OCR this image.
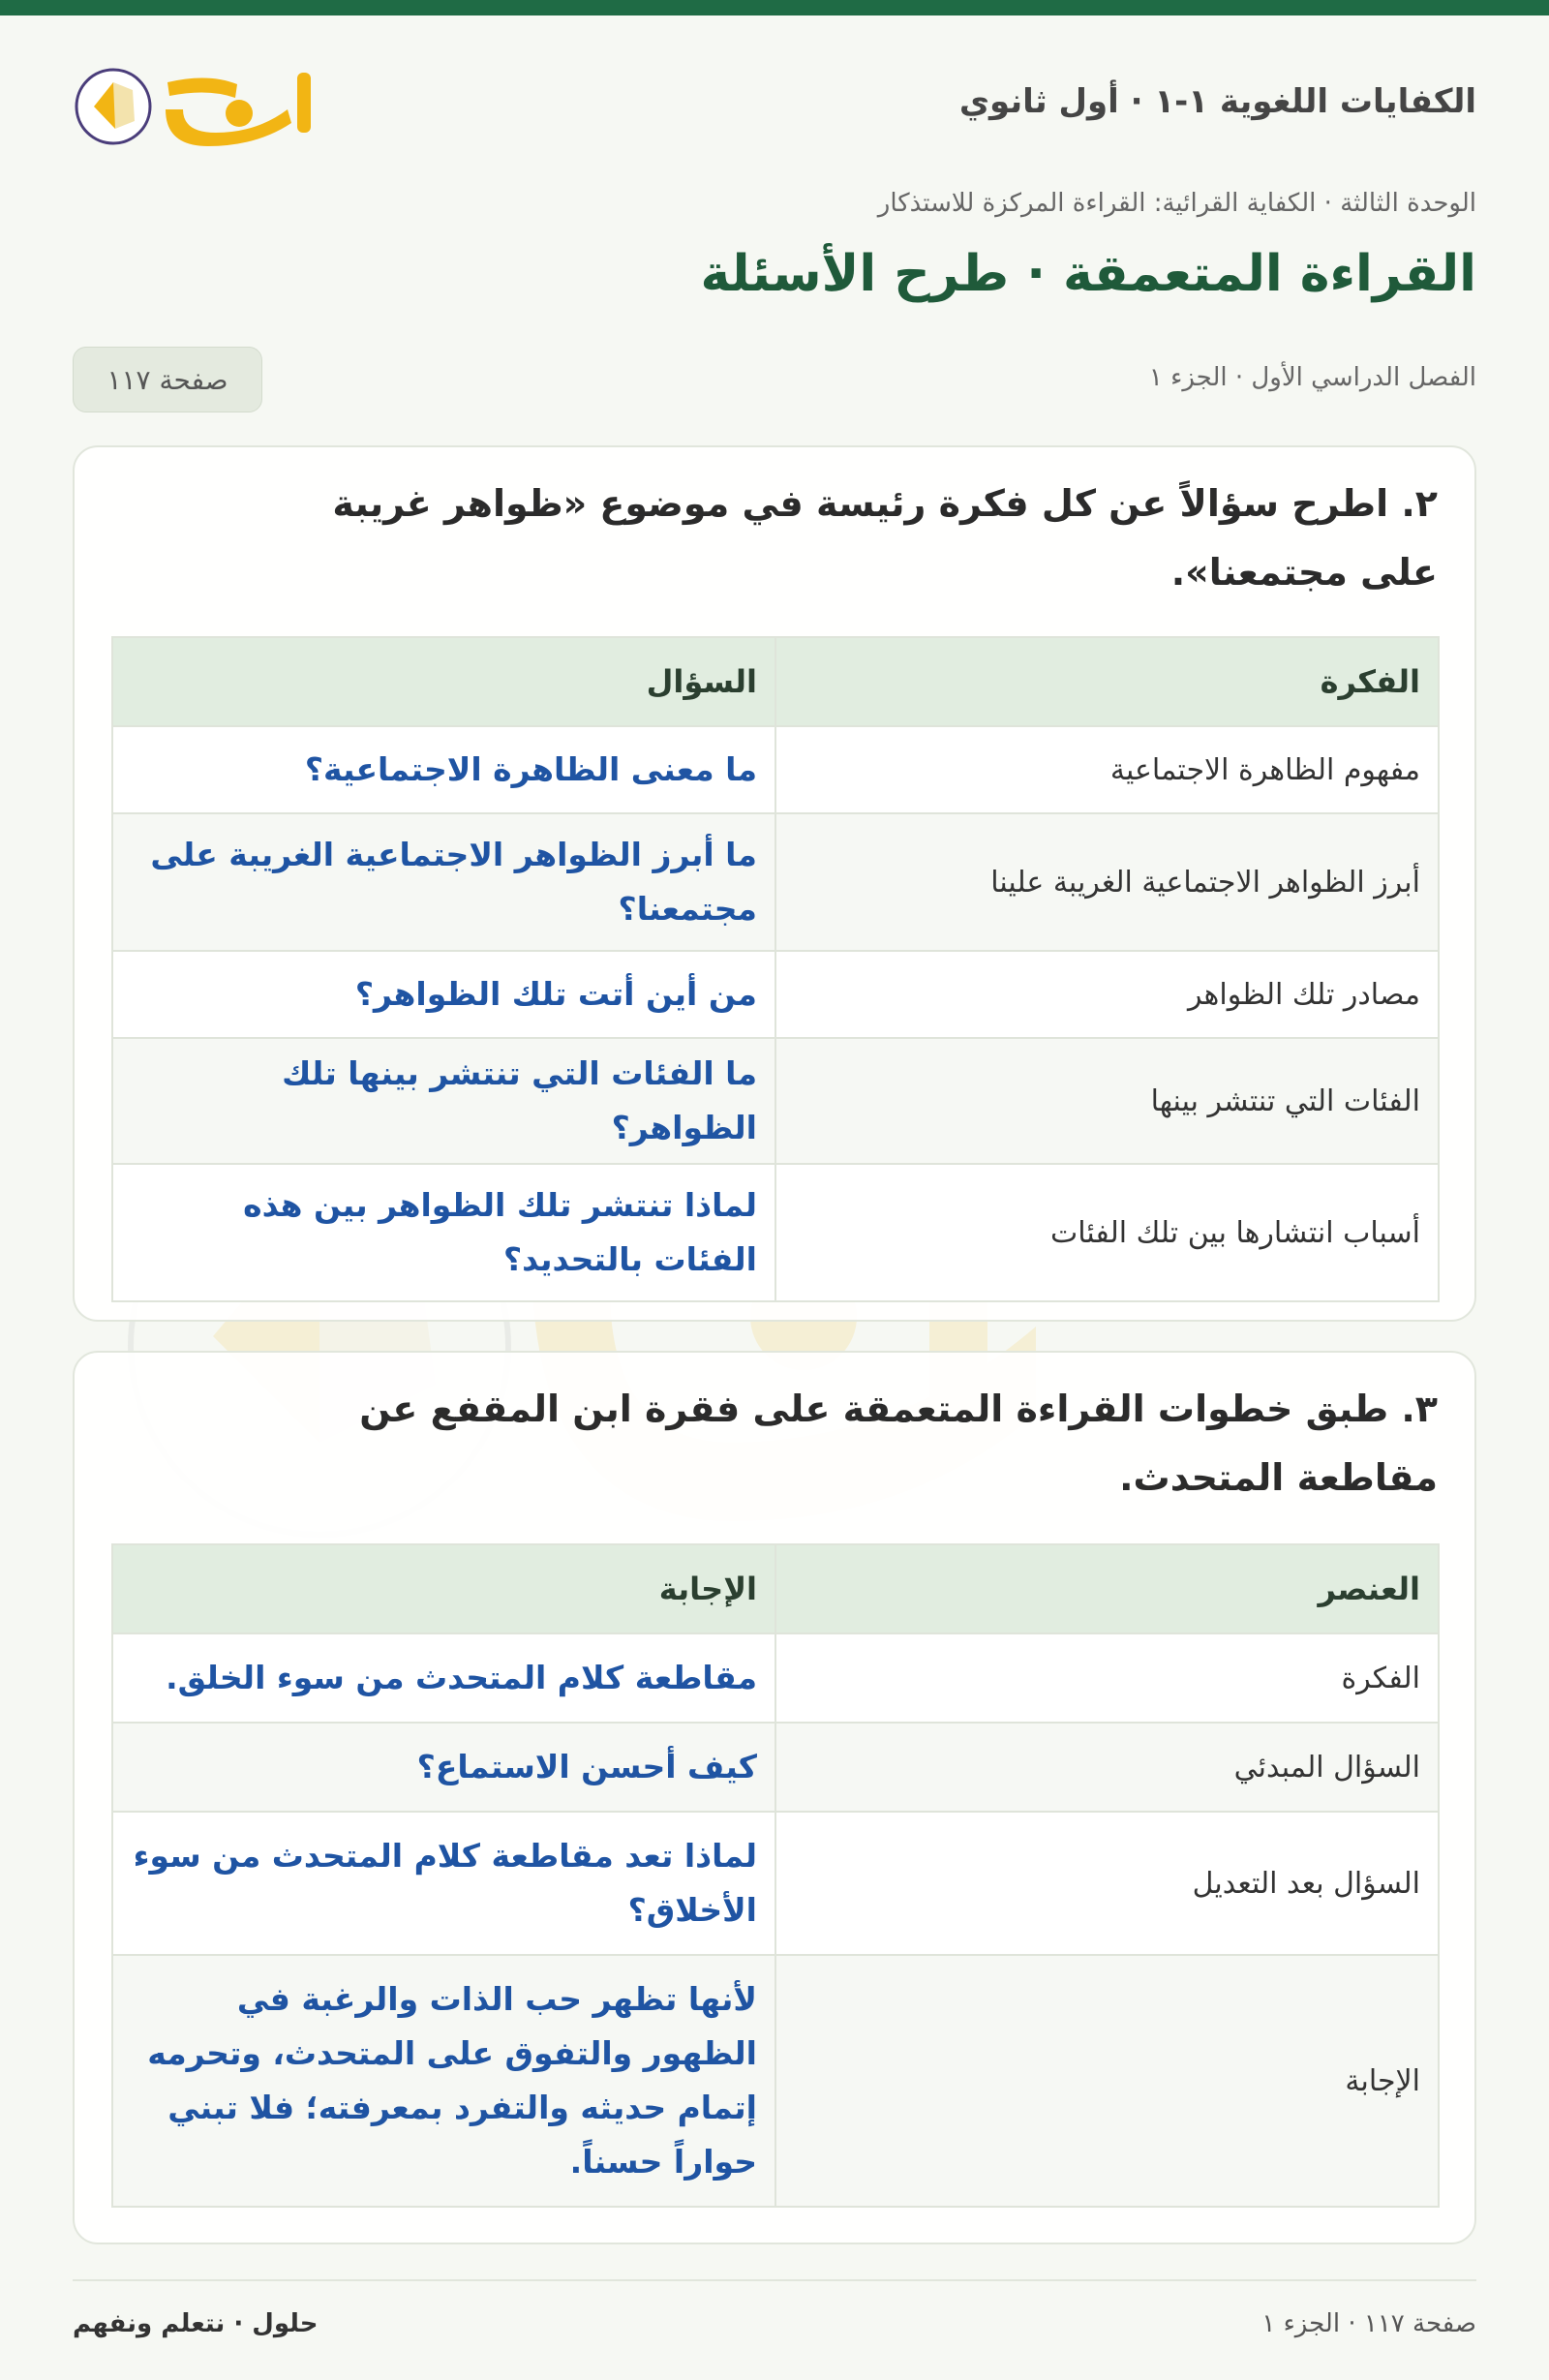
الكفايات اللغوية ١-١ · أول ثانوي
الوحدة الثالثة · الكفاية القرائية: القراءة المركزة للاستذكار
القراءة المتعمقة · طرح الأسئلة
الفصل الدراسي الأول · الجزء ١
صفحة ١١٧
٢. اطرح سؤالاً عن كل فكرة رئيسة في موضوع «ظواهر غريبة على مجتمعنا».
الفكرة	السؤال
مفهوم الظاهرة الاجتماعية	ما معنى الظاهرة الاجتماعية؟
أبرز الظواهر الاجتماعية الغريبة علينا	ما أبرز الظواهر الاجتماعية الغريبة على مجتمعنا؟
مصادر تلك الظواهر	من أين أتت تلك الظواهر؟
الفئات التي تنتشر بينها	ما الفئات التي تنتشر بينها تلك الظواهر؟
أسباب انتشارها بين تلك الفئات	لماذا تنتشر تلك الظواهر بين هذه الفئات بالتحديد؟
٣. طبق خطوات القراءة المتعمقة على فقرة ابن المقفع عن مقاطعة المتحدث.
العنصر	الإجابة
الفكرة	مقاطعة كلام المتحدث من سوء الخلق.
السؤال المبدئي	كيف أحسن الاستماع؟
السؤال بعد التعديل	لماذا تعد مقاطعة كلام المتحدث من سوء الأخلاق؟
الإجابة	لأنها تظهر حب الذات والرغبة في الظهور والتفوق على المتحدث، وتحرمه إتمام حديثه والتفرد بمعرفته؛ فلا تبني حواراً حسناً.
صفحة ١١٧ · الجزء ١
حلول · نتعلم ونفهم
